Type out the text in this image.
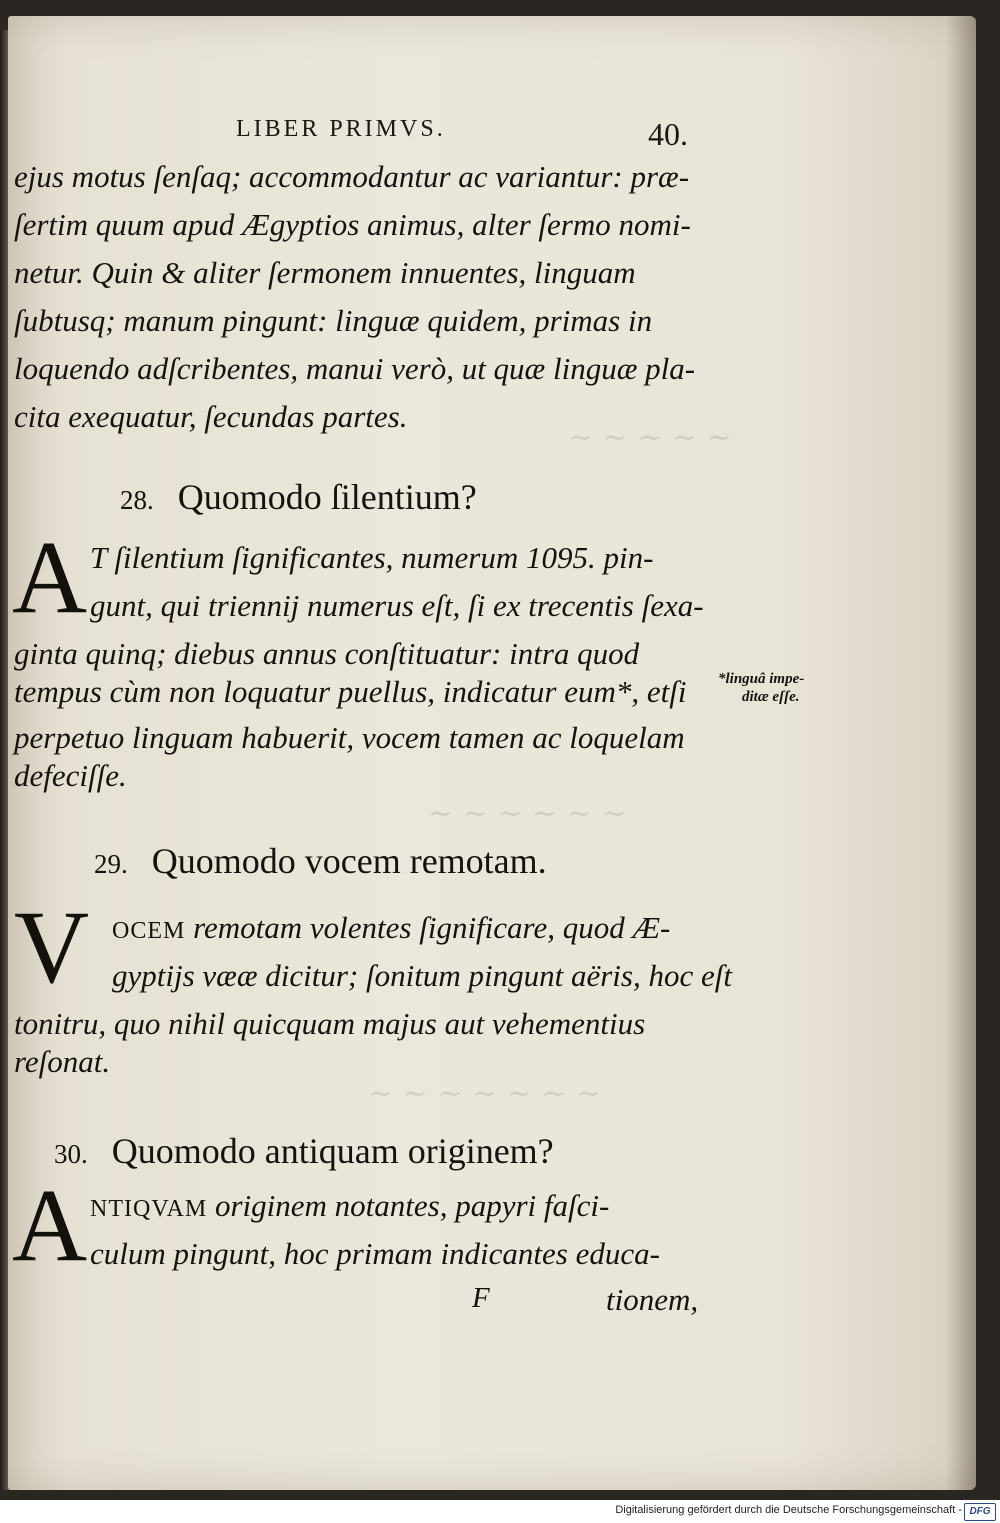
~ ~ ~ ~ ~
~ ~ ~ ~ ~ ~
~ ~ ~ ~ ~ ~ ~
LIBER PRIMVS.	40.
ejus motus ſenſaq; accommodantur ac variantur: præ-
ſertim quum apud Ægyptios animus, alter ſermo nomi-
netur. Quin & aliter ſermonem innuentes, linguam
ſubtusq; manum pingunt: linguæ quidem, primas in
loquendo adſcribentes, manui verò, ut quæ linguæ pla-
cita exequatur, ſecundas partes.
28. Quomodo ſilentium?
A T ſilentium ſignificantes, numerum 1095. pin-
gunt, qui triennij numerus eſt, ſi ex trecentis ſexa-
ginta quinq; diebus annus conſtituatur: intra quod
tempus cùm non loquatur puellus, indicatur eum*, etſi
perpetuo linguam habuerit, vocem tamen ac loquelam
defeciſſe.
*linguâ impe-
ditæ eſſe.
29. Quomodo vocem remotam.
V OCEM remotam volentes ſignificare, quod Æ-
gyptijs vææ dicitur; ſonitum pingunt aëris, hoc eſt
tonitru, quo nihil quicquam majus aut vehementius
reſonat.
30. Quomodo antiquam originem?
A NTIQVAM originem notantes, papyri faſci-
culum pingunt, hoc primam indicantes educa-
F	tionem,
Digitalisierung gefördert durch die Deutsche Forschungsgemeinschaft - DFG
